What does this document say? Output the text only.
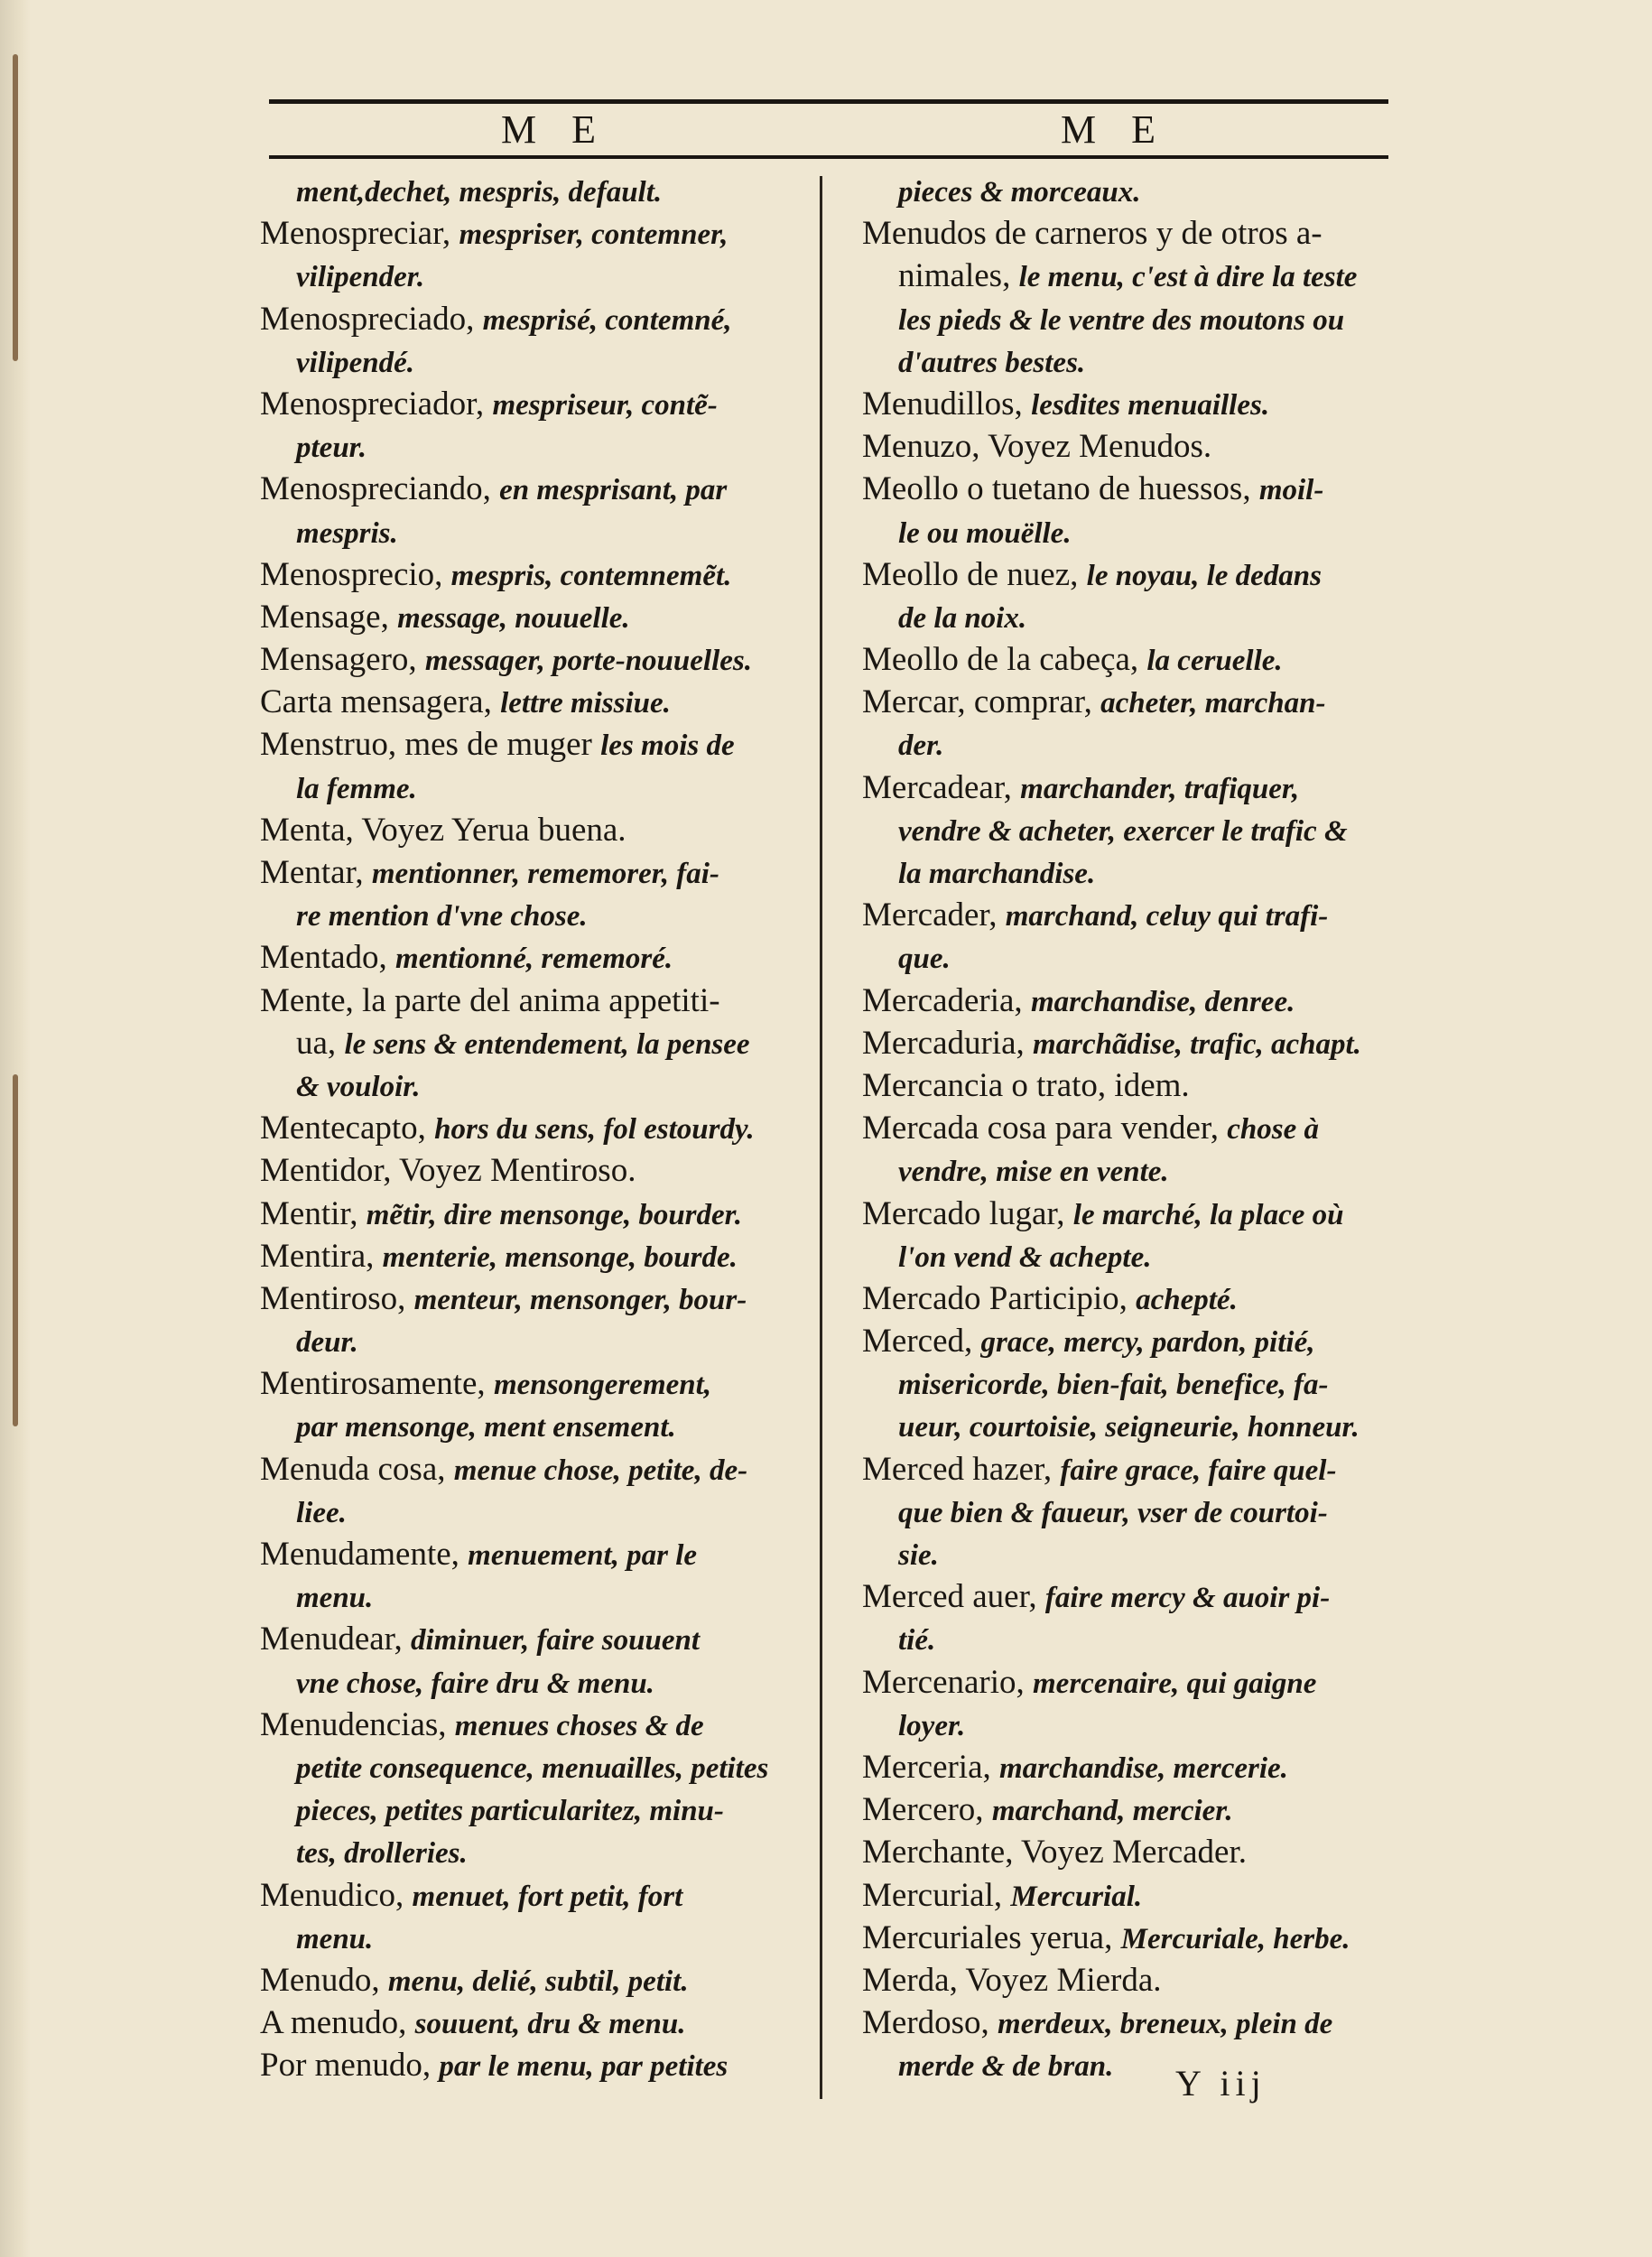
M E	M E
ment,dechet, mespris, default.
Menospreciar, mespriser, contemner,
vilipender.
Menospreciado, mesprisé, contemné,
vilipendé.
Menospreciador, mespriseur, contẽ-
pteur.
Menospreciando, en mesprisant, par
mespris.
Menosprecio, mespris, contemnemẽt.
Mensage, message, nouuelle.
Mensagero, messager, porte-nouuelles.
Carta mensagera, lettre missiue.
Menstruo, mes de muger les mois de
la femme.
Menta, Voyez Yerua buena.
Mentar, mentionner, rememorer, fai-
re mention d'vne chose.
Mentado, mentionné, rememoré.
Mente, la parte del anima appetiti-
ua, le sens & entendement, la pensee
& vouloir.
Mentecapto, hors du sens, fol estourdy.
Mentidor, Voyez Mentiroso.
Mentir, mẽtir, dire mensonge, bourder.
Mentira, menterie, mensonge, bourde.
Mentiroso, menteur, mensonger, bour-
deur.
Mentirosamente, mensongerement,
par mensonge, ment ensement.
Menuda cosa, menue chose, petite, de-
liee.
Menudamente, menuement, par le
menu.
Menudear, diminuer, faire souuent
vne chose, faire dru & menu.
Menudencias, menues choses & de
petite consequence, menuailles, petites
pieces, petites particularitez, minu-
tes, drolleries.
Menudico, menuet, fort petit, fort
menu.
Menudo, menu, delié, subtil, petit.
A menudo, souuent, dru & menu.
Por menudo, par le menu, par petites
pieces & morceaux.
Menudos de carneros y de otros a-
nimales, le menu, c'est à dire la teste
les pieds & le ventre des moutons ou
d'autres bestes.
Menudillos, lesdites menuailles.
Menuzo, Voyez Menudos.
Meollo o tuetano de huessos, moil-
le ou mouëlle.
Meollo de nuez, le noyau, le dedans
de la noix.
Meollo de la cabeça, la ceruelle.
Mercar, comprar, acheter, marchan-
der.
Mercadear, marchander, trafiquer,
vendre & acheter, exercer le trafic &
la marchandise.
Mercader, marchand, celuy qui trafi-
que.
Mercaderia, marchandise, denree.
Mercaduria, marchãdise, trafic, achapt.
Mercancia o trato, idem.
Mercada cosa para vender, chose à
vendre, mise en vente.
Mercado lugar, le marché, la place où
l'on vend & achepte.
Mercado Participio, achepté.
Merced, grace, mercy, pardon, pitié,
misericorde, bien-fait, benefice, fa-
ueur, courtoisie, seigneurie, honneur.
Merced hazer, faire grace, faire quel-
que bien & faueur, vser de courtoi-
sie.
Merced auer, faire mercy & auoir pi-
tié.
Mercenario, mercenaire, qui gaigne
loyer.
Merceria, marchandise, mercerie.
Mercero, marchand, mercier.
Merchante, Voyez Mercader.
Mercurial, Mercurial.
Mercuriales yerua, Mercuriale, herbe.
Merda, Voyez Mierda.
Merdoso, merdeux, breneux, plein de
merde & de bran.	Y iij
